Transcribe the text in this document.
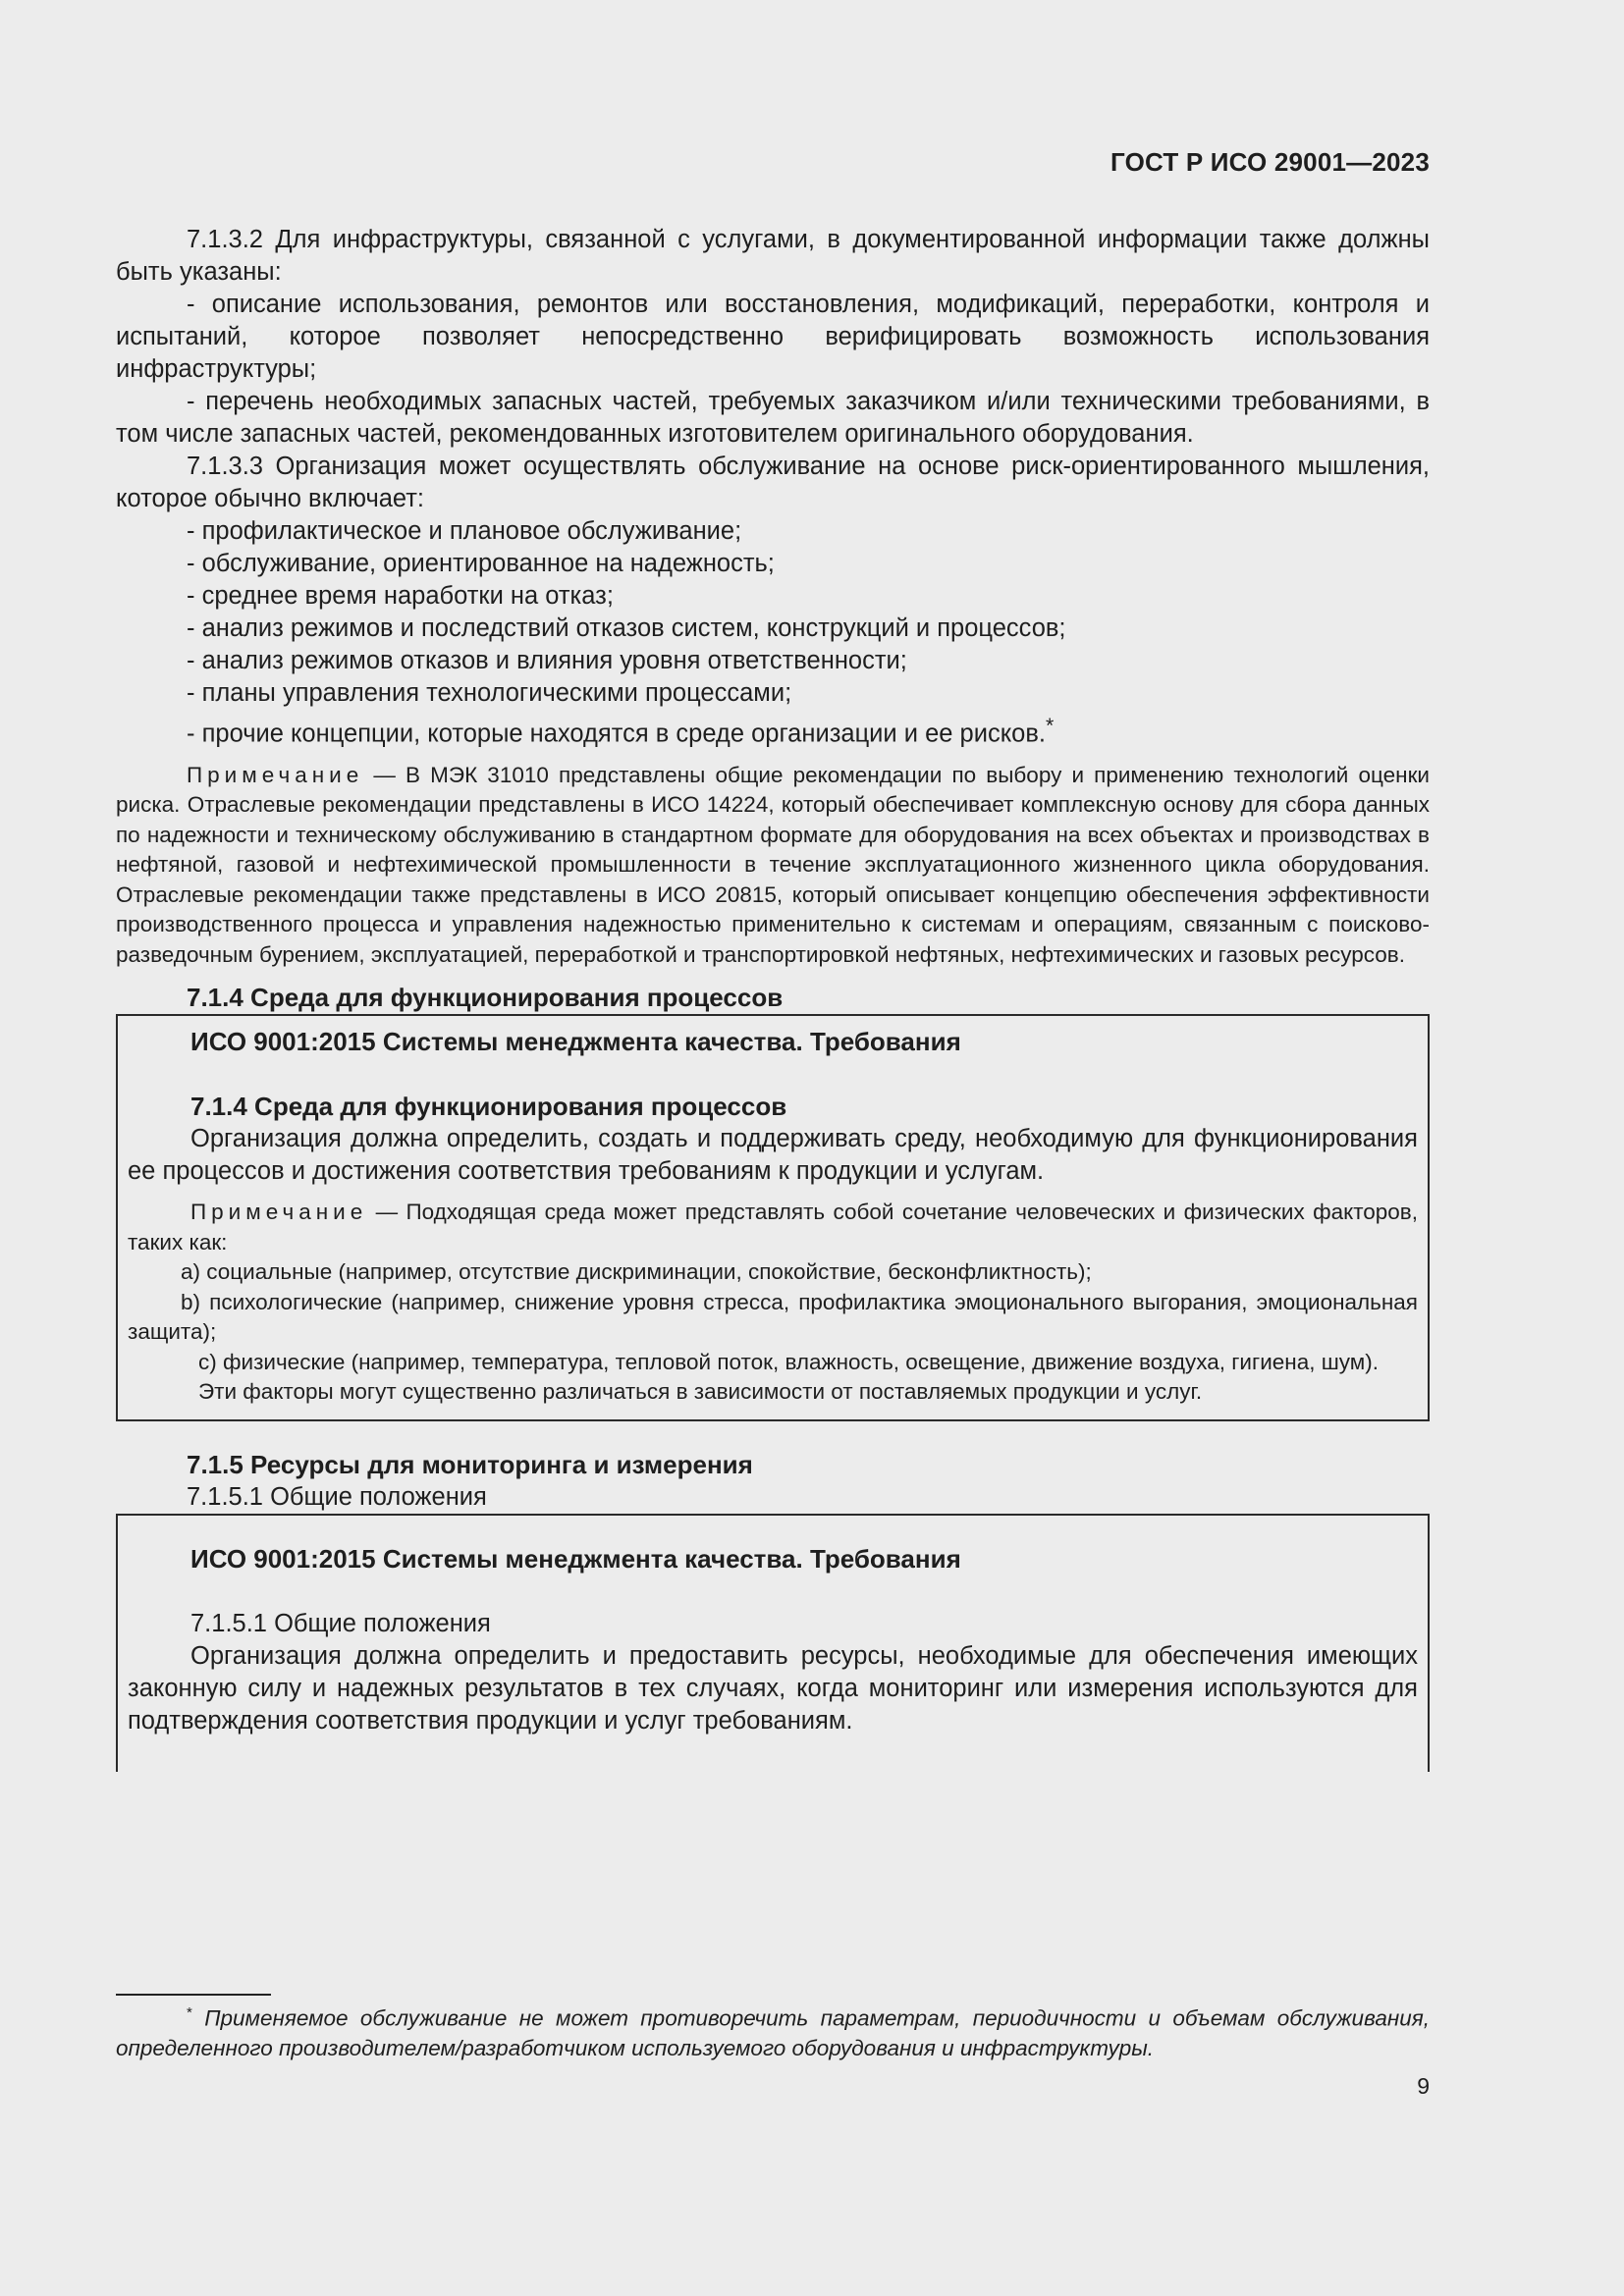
ГОСТ Р ИСО 29001—2023

7.1.3.2 Для инфраструктуры, связанной с услугами, в документированной информации также должны быть указаны:

- описание использования, ремонтов или восстановления, модификаций, переработки, контроля и испытаний, которое позволяет непосредственно верифицировать возможность использования инфраструктуры;

- перечень необходимых запасных частей, требуемых заказчиком и/или техническими требованиями, в том числе запасных частей, рекомендованных изготовителем оригинального оборудования.

7.1.3.3 Организация может осуществлять обслуживание на основе риск-ориентированного мышления, которое обычно включает:

- профилактическое и плановое обслуживание;

- обслуживание, ориентированное на надежность;

- среднее время наработки на отказ;

- анализ режимов и последствий отказов систем, конструкций и процессов;

- анализ режимов отказов и влияния уровня ответственности;

- планы управления технологическими процессами;

- прочие концепции, которые находятся в среде организации и ее рисков.*

Примечание — В МЭК 31010 представлены общие рекомендации по выбору и применению технологий оценки риска. Отраслевые рекомендации представлены в ИСО 14224, который обеспечивает комплексную основу для сбора данных по надежности и техническому обслуживанию в стандартном формате для оборудования на всех объектах и производствах в нефтяной, газовой и нефтехимической промышленности в течение эксплуатационного жизненного цикла оборудования. Отраслевые рекомендации также представлены в ИСО 20815, который описывает концепцию обеспечения эффективности производственного процесса и управления надежностью применительно к системам и операциям, связанным с поисково-разведочным бурением, эксплуатацией, переработкой и транспортировкой нефтяных, нефтехимических и газовых ресурсов.

7.1.4 Среда для функционирования процессов

ИСО 9001:2015 Системы менеджмента качества. Требования

7.1.4 Среда для функционирования процессов

Организация должна определить, создать и поддерживать среду, необходимую для функционирования ее процессов и достижения соответствия требованиям к продукции и услугам.

Примечание — Подходящая среда может представлять собой сочетание человеческих и физических факторов, таких как:

a) социальные (например, отсутствие дискриминации, спокойствие, бесконфликтность);

b) психологические (например, снижение уровня стресса, профилактика эмоционального выгорания, эмоциональная защита);

c) физические (например, температура, тепловой поток, влажность, освещение, движение воздуха, гигиена, шум).

Эти факторы могут существенно различаться в зависимости от поставляемых продукции и услуг.

7.1.5 Ресурсы для мониторинга и измерения

7.1.5.1 Общие положения

ИСО 9001:2015 Системы менеджмента качества. Требования

7.1.5.1 Общие положения

Организация должна определить и предоставить ресурсы, необходимые для обеспечения имеющих законную силу и надежных результатов в тех случаях, когда мониторинг или измерения используются для подтверждения соответствия продукции и услуг требованиям.

* Применяемое обслуживание не может противоречить параметрам, периодичности и объемам обслуживания, определенного производителем/разработчиком используемого оборудования и инфраструктуры.
9
